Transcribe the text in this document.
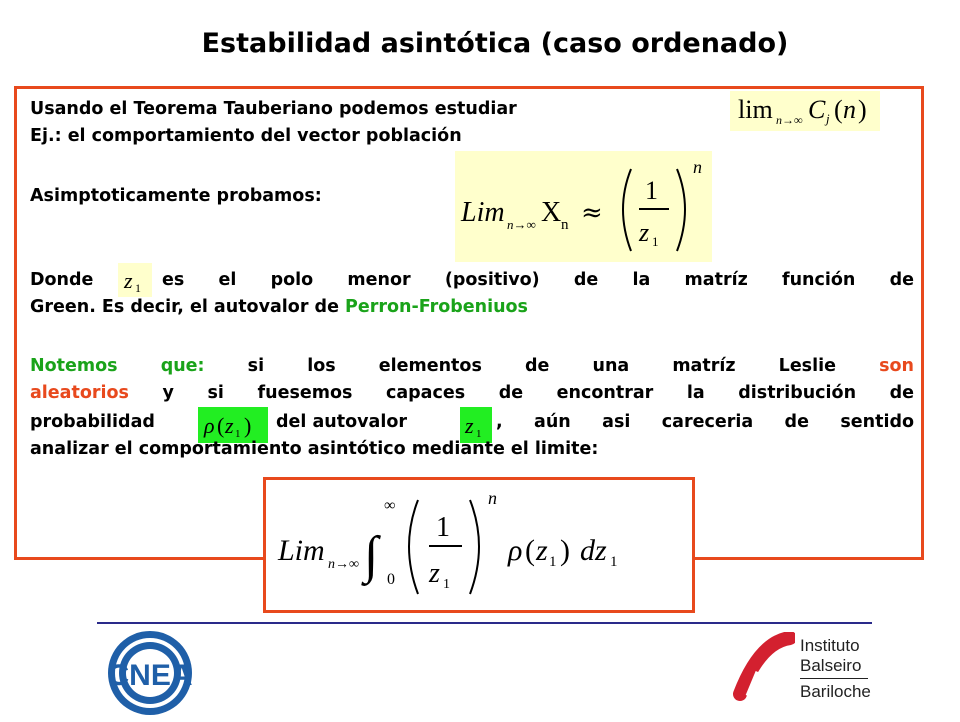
Estabilidad asintótica (caso ordenado)
Usando el Teorema Tauberiano podemos estudiar	lim n→∞ C j ( n )
Ej.: el comportamiento del vector población
Lim n→∞ X n ≈
1
z 1
n
Asimptoticamente probamos:
Donde z 1 es el polo menor (positivo) de la matríz función de
Green. Es decir, el autovalor de Perron-Frobeniuos
Notemos que: si los elementos de una matríz Leslie son
aleatorios y si fuesemos capaces de encontrar la distribución de
probabilidad ρ ( z 1 ) del autovalor	z 1
, aún asi careceria de sentido
analizar el comportamiento asintótico mediante el limite:
Lim n→∞ ∫
∞
0
1
z 1
n
ρ ( z 1 ) dz 1
CNEA
Instituto
Balseiro
Bariloche
